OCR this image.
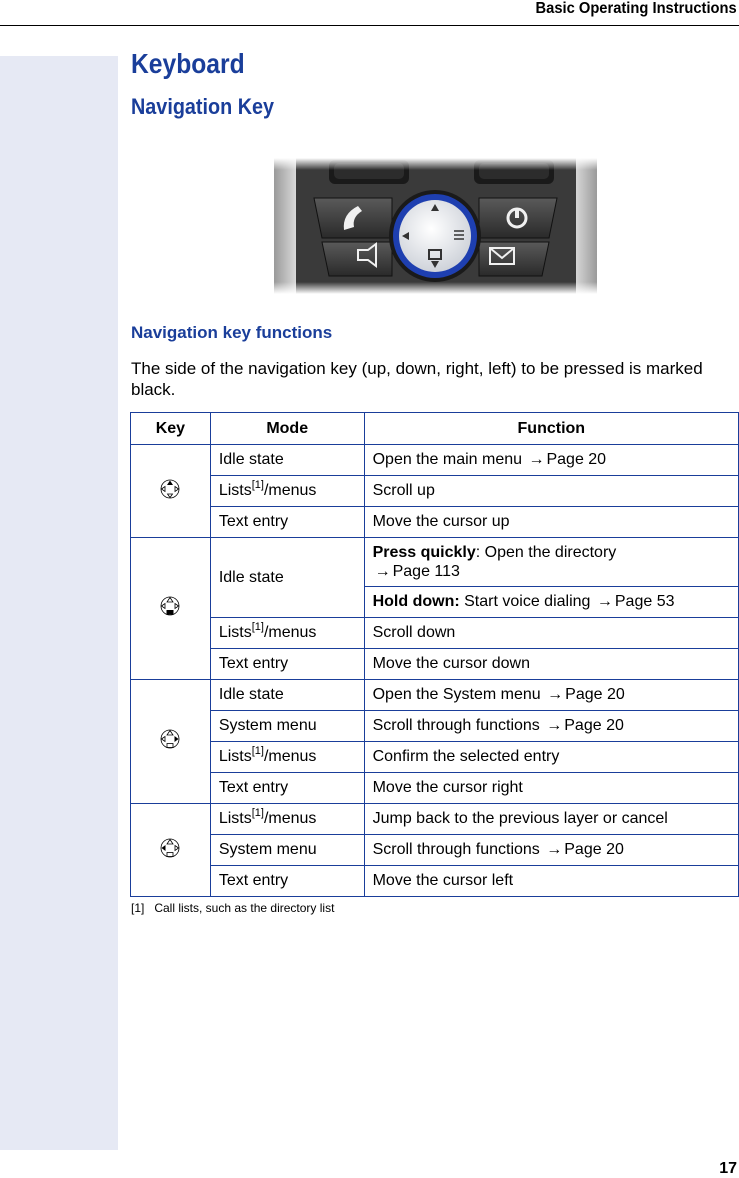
Basic Operating Instructions
Keyboard
Navigation Key
Navigation key functions
The side of the navigation key (up, down, right, left) to be pressed is marked black.
Key	Mode	Function
	Idle state	Open the main menu → Page 20
	Lists[1]/menus	Scroll up
	Text entry	Move the cursor up
	Idle state	Press quickly: Open the directory
→ Page 113
		Hold down: Start voice dialing → Page 53
	Lists[1]/menus	Scroll down
	Text entry	Move the cursor down
	Idle state	Open the System menu → Page 20
	System menu	Scroll through functions → Page 20
	Lists[1]/menus	Confirm the selected entry
	Text entry	Move the cursor right
	Lists[1]/menus	Jump back to the previous layer or cancel
	System menu	Scroll through functions → Page 20
	Text entry	Move the cursor left
[1] Call lists, such as the directory list
17
